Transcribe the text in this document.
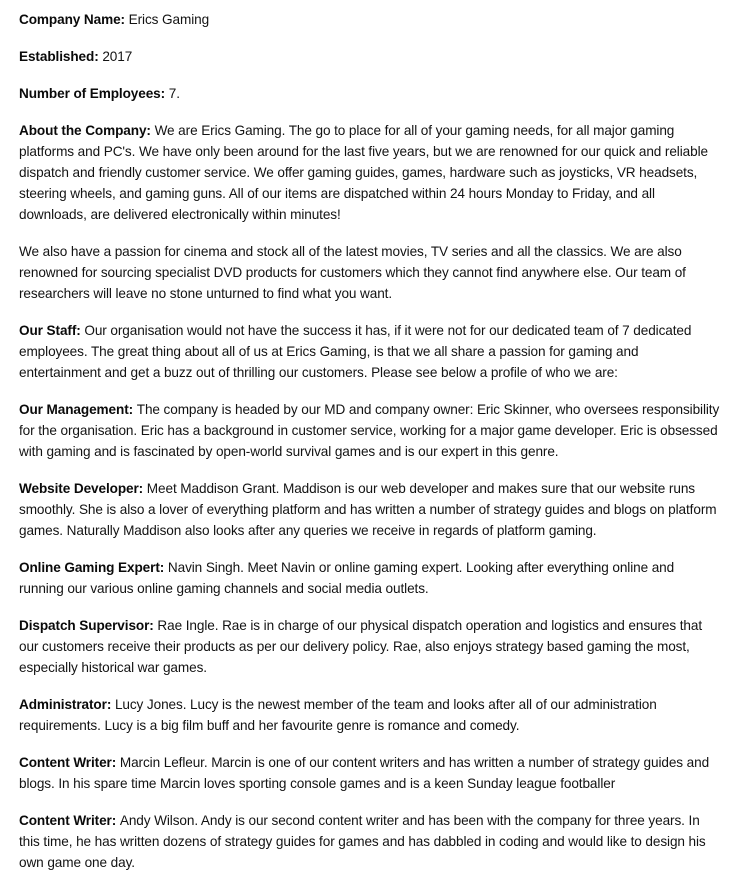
Company Name: Erics Gaming

Established: 2017

Number of Employees: 7.

About the Company: We are Erics Gaming. The go to place for all of your gaming needs, for all major gaming platforms and PC's. We have only been around for the last five years, but we are renowned for our quick and reliable dispatch and friendly customer service. We offer gaming guides, games, hardware such as joysticks, VR headsets, steering wheels, and gaming guns. All of our items are dispatched within 24 hours Monday to Friday, and all downloads, are delivered electronically within minutes!

We also have a passion for cinema and stock all of the latest movies, TV series and all the classics. We are also renowned for sourcing specialist DVD products for customers which they cannot find anywhere else. Our team of researchers will leave no stone unturned to find what you want.

Our Staff: Our organisation would not have the success it has, if it were not for our dedicated team of 7 dedicated employees. The great thing about all of us at Erics Gaming, is that we all share a passion for gaming and entertainment and get a buzz out of thrilling our customers. Please see below a profile of who we are:

Our Management: The company is headed by our MD and company owner: Eric Skinner, who oversees responsibility for the organisation. Eric has a background in customer service, working for a major game developer. Eric is obsessed with gaming and is fascinated by open-world survival games and is our expert in this genre.

Website Developer: Meet Maddison Grant. Maddison is our web developer and makes sure that our website runs smoothly. She is also a lover of everything platform and has written a number of strategy guides and blogs on platform games. Naturally Maddison also looks after any queries we receive in regards of platform gaming.

Online Gaming Expert: Navin Singh. Meet Navin or online gaming expert. Looking after everything online and running our various online gaming channels and social media outlets.

Dispatch Supervisor: Rae Ingle. Rae is in charge of our physical dispatch operation and logistics and ensures that our customers receive their products as per our delivery policy. Rae, also enjoys strategy based gaming the most, especially historical war games.

Administrator: Lucy Jones. Lucy is the newest member of the team and looks after all of our administration requirements. Lucy is a big film buff and her favourite genre is romance and comedy.

Content Writer: Marcin Lefleur. Marcin is one of our content writers and has written a number of strategy guides and blogs. In his spare time Marcin loves sporting console games and is a keen Sunday league footballer

Content Writer: Andy Wilson. Andy is our second content writer and has been with the company for three years. In this time, he has written dozens of strategy guides for games and has dabbled in coding and would like to design his own game one day.
